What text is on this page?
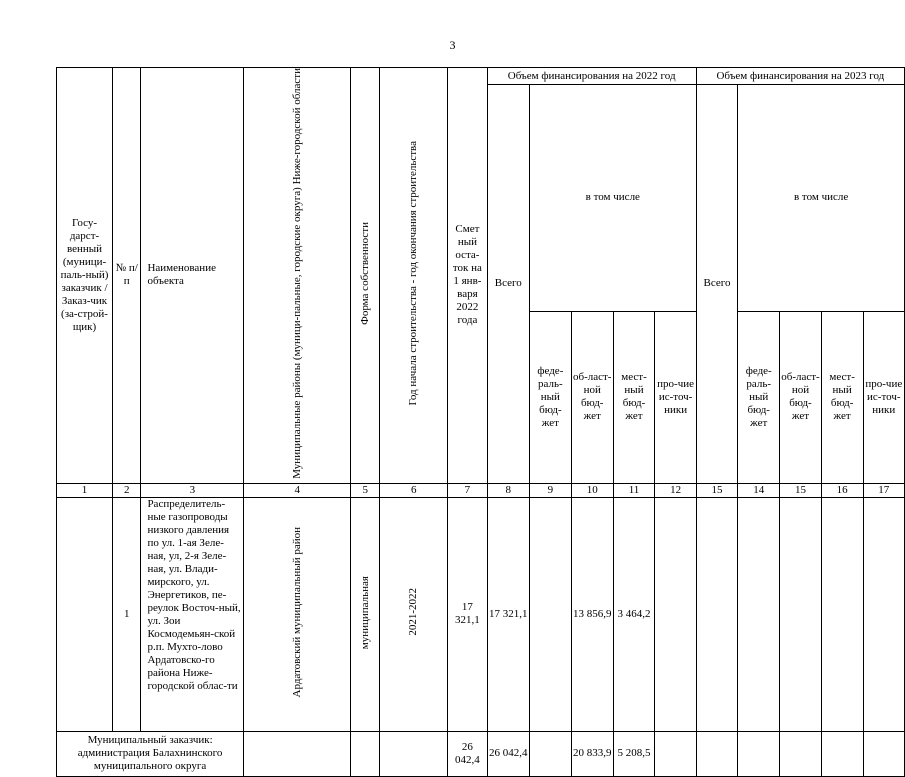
3
Госу-дарст-венный (муници-паль-ный) заказчик / Заказ-чик (за-строй-щик)	№ п/п	Наименование объекта	Муниципальные районы (муници-пальные, городские округа) Ниже-городской области	Форма собственности	Год начала строительства - год окончания строительства	Смет ный оста-ток на 1 янв-варя 2022 года	Объем финансирования на 2022 год					Объем финансирования на 2023 год				
							Всего	в том числе				Всего	в том числе			
								феде-раль-ный бюд-жет	об-ласт-ной бюд-жет	мест-ный бюд-жет	про-чие ис-точ-ники		феде-раль-ный бюд-жет	об-ласт-ной бюд-жет	мест-ный бюд-жет	про-чие ис-точ-ники
1	2	3	4	5	6	7	8	9	10	11	12	15	14	15	16	17
	1	Распределитель-ные газопроводы низкого давления по ул. 1-ая Зеле-ная, ул, 2-я Зеле-ная, ул. Влади-мирского, ул. Энергетиков, пе-реулок Восточ-ный, ул. Зои Космодемьян-ской р.п. Мухто-лово Ардатовско-го района Ниже-городской облас-ти	Ардатовский муниципальный район	муниципальная	2021-2022	17 321,1	17 321,1		13 856,9	3 464,2						
Муниципальный заказчик: администрация Балахнинского муниципального округа						26 042,4	26 042,4		20 833,9	5 208,5						
